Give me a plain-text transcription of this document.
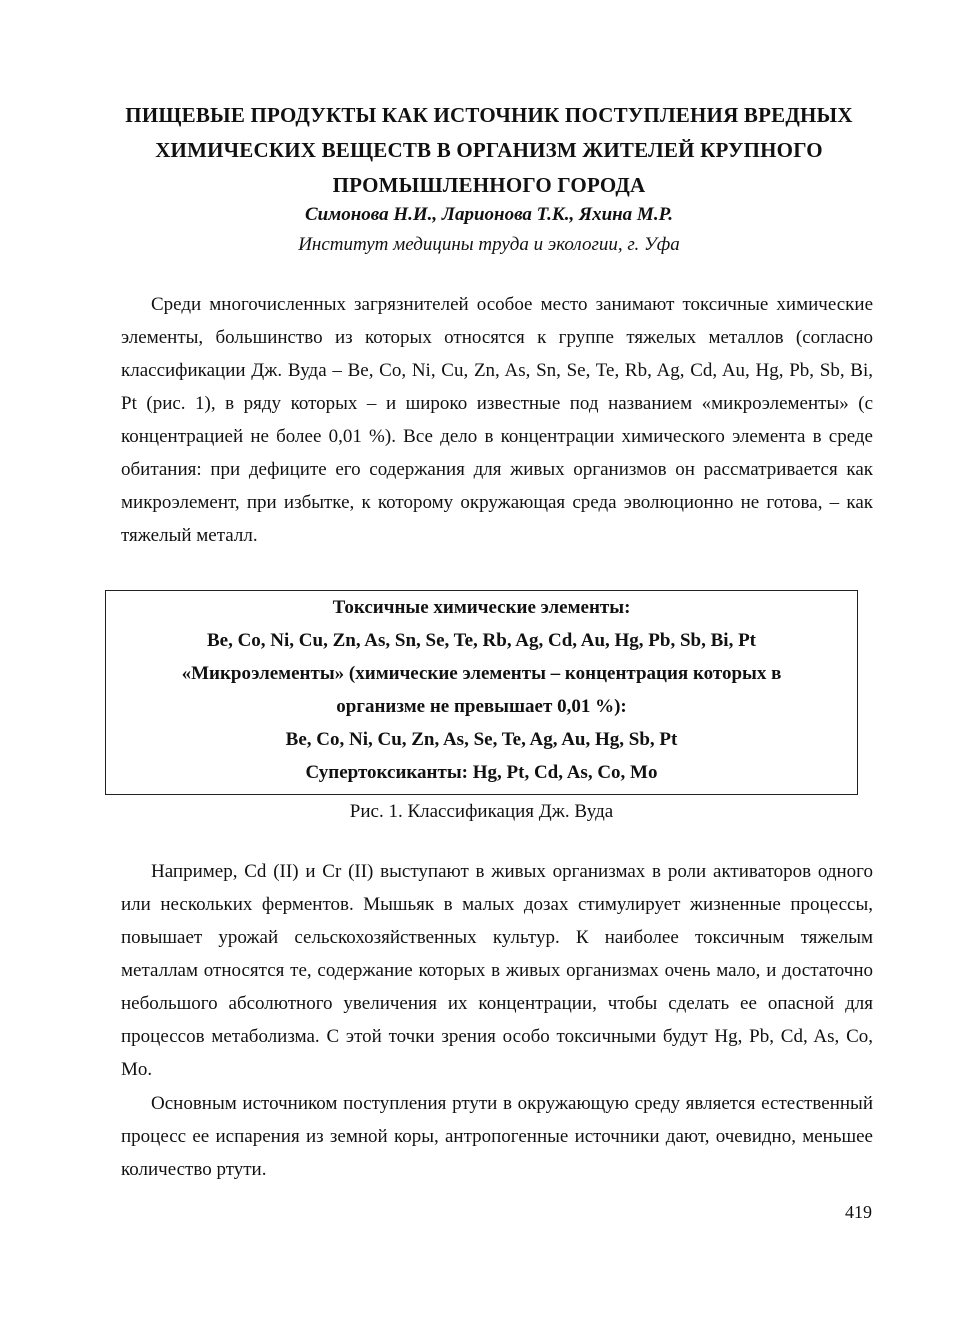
ПИЩЕВЫЕ ПРОДУКТЫ КАК ИСТОЧНИК ПОСТУПЛЕНИЯ ВРЕДНЫХ
ХИМИЧЕСКИХ ВЕЩЕСТВ В ОРГАНИЗМ ЖИТЕЛЕЙ КРУПНОГО
ПРОМЫШЛЕННОГО ГОРОДА
Симонова Н.И., Ларионова Т.К., Яхина М.Р.
Институт медицины труда и экологии, г. Уфа

Среди многочисленных загрязнителей особое место занимают токсичные химические элементы, большинство из которых относятся к группе тяжелых металлов (согласно классификации Дж. Вуда – Be, Co, Ni, Cu, Zn, As, Sn, Se, Te, Rb, Ag, Cd, Au, Hg, Pb, Sb, Bi, Pt (рис. 1), в ряду которых – и широко известные под названием «микроэлементы» (с концентрацией не более 0,01 %). Все дело в концентрации химического элемента в среде обитания: при дефиците его содержания для живых организмов он рассматривается как микроэлемент, при избытке, к которому окружающая среда эволюционно не готова, – как тяжелый металл.

Токсичные химические элементы:
Be, Co, Ni, Cu, Zn, As, Sn, Se, Te, Rb, Ag, Cd, Au, Hg, Pb, Sb, Bi, Pt
«Микроэлементы» (химические элементы – концентрация которых в
организме не превышает 0,01 %):
Be, Co, Ni, Cu, Zn, As, Se, Te, Ag, Au, Hg, Sb, Pt
Супертоксиканты: Hg, Pt, Cd, As, Co, Mo
Рис. 1. Классификация Дж. Вуда

Например, Cd (II) и Cr (II) выступают в живых организмах в роли активаторов одного или нескольких ферментов. Мышьяк в малых дозах стимулирует жизненные процессы, повышает урожай сельскохозяйственных культур. К наиболее токсичным тяжелым металлам относятся те, содержание которых в живых организмах очень мало, и достаточно небольшого абсолютного увеличения их концентрации, чтобы сделать ее опасной для процессов метаболизма. С этой точки зрения особо токсичными будут Hg, Pb, Cd, As, Co, Mo.

Основным источником поступления ртути в окружающую среду является естественный процесс ее испарения из земной коры, антропогенные источники дают, очевидно, меньшее количество ртути.

419
